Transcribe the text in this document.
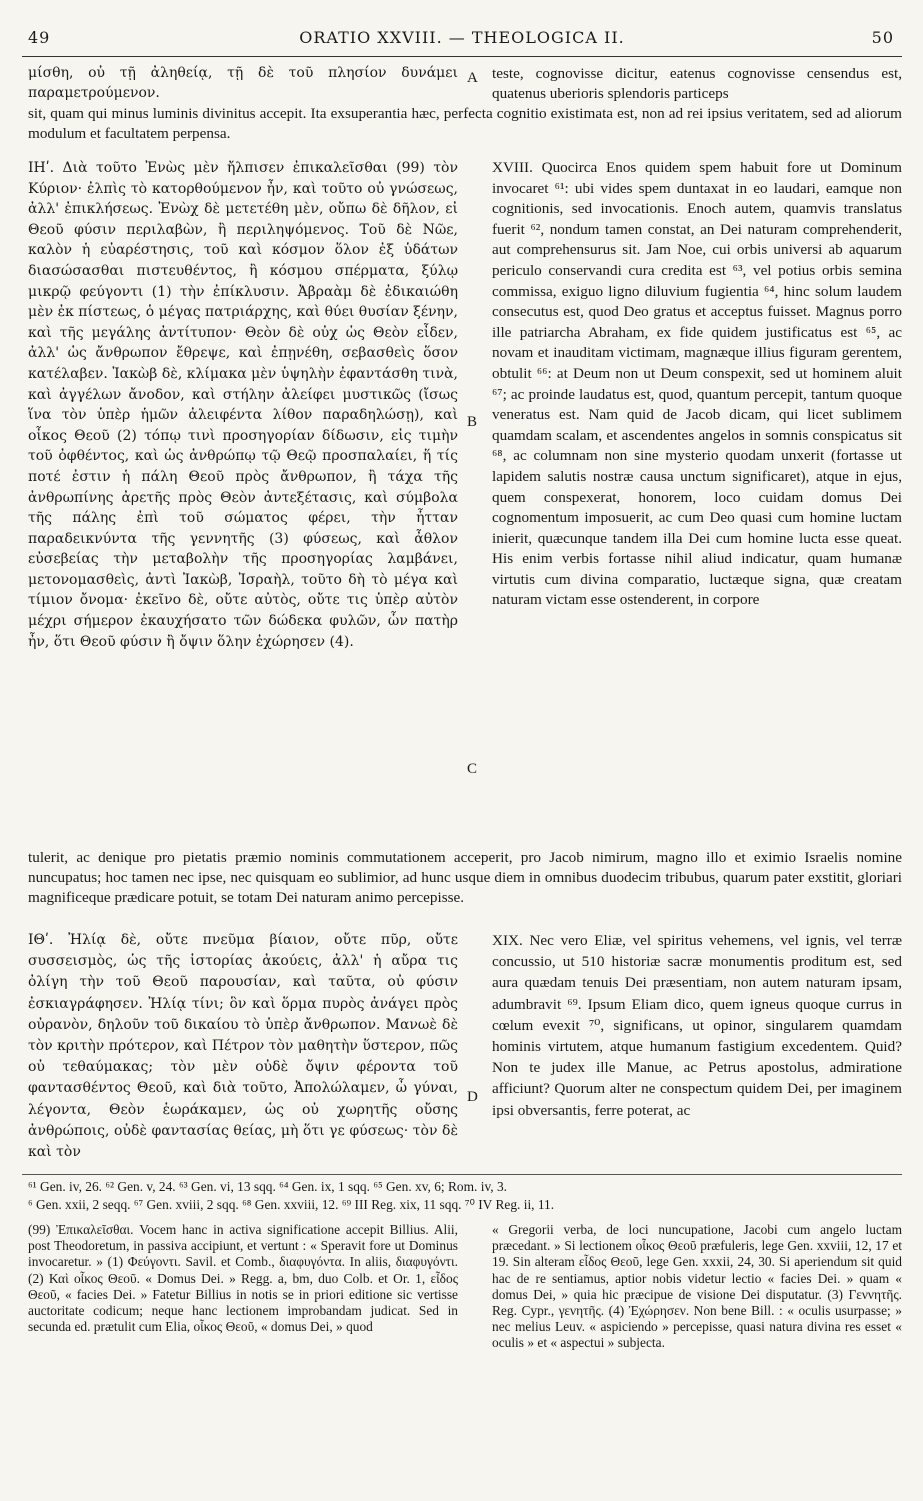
49	ORATIO XXVIII. — THEOLOGICA II.	50

μίσθη, οὐ τῇ ἀληθείᾳ, τῇ δὲ τοῦ πλησίον δυνάμει παραμετρούμενον.

teste, cognovisse dicitur, eatenus cognovisse censendus est, quatenus uberioris splendoris particeps

sit, quam qui minus luminis divinitus accepit. Ita exsuperantia hæc, perfecta cognitio existimata est, non ad rei ipsius veritatem, sed ad aliorum modulum et facultatem perpensa.

ΙΗʹ. Διὰ τοῦτο Ἐνὼς μὲν ἤλπισεν ἐπικαλεῖσθαι (99) τὸν Κύριον· ἐλπὶς τὸ κατορθούμενον ἦν, καὶ τοῦτο οὐ γνώσεως, ἀλλ' ἐπικλήσεως. Ἐνὼχ δὲ μετετέθη μὲν, οὔπω δὲ δῆλον, εἰ Θεοῦ φύσιν περιλαβὼν, ἢ περιληψόμενος. Τοῦ δὲ Νῶε, καλὸν ἡ εὐαρέστησις, τοῦ καὶ κόσμον ὅλον ἐξ ὑδάτων διασώσασθαι πιστευθέντος, ἢ κόσμου σπέρματα, ξύλῳ μικρῷ φεύγοντι (1) τὴν ἐπίκλυσιν. Ἀβραὰμ δὲ ἐδικαιώθη μὲν ἐκ πίστεως, ὁ μέγας πατριάρχης, καὶ θύει θυσίαν ξένην, καὶ τῆς μεγάλης ἀντίτυπον· Θεὸν δὲ οὐχ ὡς Θεὸν εἶδεν, ἀλλ' ὡς ἄνθρωπον ἔθρεψε, καὶ ἐπῃνέθη, σεβασθεὶς ὅσον κατέλαβεν. Ἰακὼβ δὲ, κλίμακα μὲν ὑψηλὴν ἐφαντάσθη τινὰ, καὶ ἀγγέλων ἄνοδον, καὶ στήλην ἀλείφει μυστικῶς (ἴσως ἵνα τὸν ὑπὲρ ἡμῶν ἀλειφέντα λίθον παραδηλώσῃ), καὶ οἶκος Θεοῦ (2) τόπῳ τινὶ προσηγορίαν δίδωσιν, εἰς τιμὴν τοῦ ὀφθέντος, καὶ ὡς ἀνθρώπῳ τῷ Θεῷ προσπαλαίει, ἥ τίς ποτέ ἐστιν ἡ πάλη Θεοῦ πρὸς ἄνθρωπον, ἢ τάχα τῆς ἀνθρωπίνης ἀρετῆς πρὸς Θεὸν ἀντεξέτασις, καὶ σύμβολα τῆς πάλης ἐπὶ τοῦ σώματος φέρει, τὴν ἧτταν παραδεικνύντα τῆς γεννητῆς (3) φύσεως, καὶ ἆθλον εὐσεβείας τὴν μεταβολὴν τῆς προσηγορίας λαμβάνει, μετονομασθεὶς, ἀντὶ Ἰακὼβ, Ἰσραὴλ, τοῦτο δὴ τὸ μέγα καὶ τίμιον ὄνομα· ἐκεῖνο δὲ, οὔτε αὐτὸς, οὔτε τις ὑπὲρ αὐτὸν μέχρι σήμερον ἐκαυχήσατο τῶν δώδεκα φυλῶν, ὧν πατὴρ ἦν, ὅτι Θεοῦ φύσιν ἢ ὄψιν ὅλην ἐχώρησεν (4).

XVIII. Quocirca Enos quidem spem habuit fore ut Dominum invocaret ⁶¹: ubi vides spem duntaxat in eo laudari, eamque non cognitionis, sed invocationis. Enoch autem, quamvis translatus fuerit ⁶², nondum tamen constat, an Dei naturam comprehenderit, aut comprehensurus sit. Jam Noe, cui orbis universi ab aquarum periculo conservandi cura credita est ⁶³, vel potius orbis semina commissa, exiguo ligno diluvium fugientia ⁶⁴, hinc solum laudem consecutus est, quod Deo gratus et acceptus fuisset. Magnus porro ille patriarcha Abraham, ex fide quidem justificatus est ⁶⁵, ac novam et inauditam victimam, magnæque illius figuram gerentem, obtulit ⁶⁶: at Deum non ut Deum conspexit, sed ut hominem aluit ⁶⁷; ac proinde laudatus est, quod, quantum percepit, tantum quoque veneratus est. Nam quid de Jacob dicam, qui licet sublimem quamdam scalam, et ascendentes angelos in somnis conspicatus sit ⁶⁸, ac columnam non sine mysterio quodam unxerit (fortasse ut lapidem salutis nostræ causa unctum significaret), atque in ejus, quem conspexerat, honorem, loco cuidam domus Dei cognomentum imposuerit, ac cum Deo quasi cum homine luctam inierit, quæcunque tandem illa Dei cum homine lucta esse queat. His enim verbis fortasse nihil aliud indicatur, quam humanæ virtutis cum divina comparatio, luctæque signa, quæ creatam naturam victam esse ostenderent, in corpore

tulerit, ac denique pro pietatis præmio nominis commutationem acceperit, pro Jacob nimirum, magno illo et eximio Israelis nomine nuncupatus; hoc tamen nec ipse, nec quisquam eo sublimior, ad hunc usque diem in omnibus duodecim tribubus, quarum pater exstitit, gloriari magnificeque prædicare potuit, se totam Dei naturam animo percepisse.

ΙΘʹ. Ἠλίᾳ δὲ, οὔτε πνεῦμα βίαιον, οὔτε πῦρ, οὔτε συσσεισμὸς, ὡς τῆς ἱστορίας ἀκούεις, ἀλλ' ἡ αὔρα τις ὀλίγη τὴν τοῦ Θεοῦ παρουσίαν, καὶ ταῦτα, οὐ φύσιν ἐσκιαγράφησεν. Ἠλίᾳ τίνι; ὃν καὶ ὅρμα πυρὸς ἀνάγει πρὸς οὐρανὸν, δηλοῦν τοῦ δικαίου τὸ ὑπὲρ ἄνθρωπον. Μανωὲ δὲ τὸν κριτὴν πρότερον, καὶ Πέτρον τὸν μαθητὴν ὕστερον, πῶς οὐ τεθαύμακας; τὸν μὲν οὐδὲ ὄψιν φέροντα τοῦ φαντασθέντος Θεοῦ, καὶ διὰ τοῦτο, Ἀπολώλαμεν, ὦ γύναι, λέγοντα, Θεὸν ἑωράκαμεν, ὡς οὐ χωρητῆς οὔσης ἀνθρώποις, οὐδὲ φαντασίας θείας, μὴ ὅτι γε φύσεως· τὸν δὲ καὶ τὸν

XIX. Nec vero Eliæ, vel spiritus vehemens, vel ignis, vel terræ concussio, ut 510 historiæ sacræ monumentis proditum est, sed aura quædam tenuis Dei præsentiam, non autem naturam ipsam, adumbravit ⁶⁹. Ipsum Eliam dico, quem igneus quoque currus in cœlum evexit ⁷⁰, significans, ut opinor, singularem quamdam hominis virtutem, atque humanum fastigium excedentem. Quid? Non te judex ille Manue, ac Petrus apostolus, admiratione afficiunt? Quorum alter ne conspectum quidem Dei, per imaginem ipsi obversantis, ferre poterat, ac

A
B
C
D

⁶¹ Gen. iv, 26. ⁶² Gen. v, 24. ⁶³ Gen. vi, 13 sqq. ⁶⁴ Gen. ix, 1 sqq. ⁶⁵ Gen. xv, 6; Rom. iv, 3.

⁶ Gen. xxii, 2 seqq. ⁶⁷ Gen. xviii, 2 sqq. ⁶⁸ Gen. xxviii, 12. ⁶⁹ III Reg. xix, 11 sqq. ⁷⁰ IV Reg. ii, 11.

(99) Ἐπικαλεῖσθαι. Vocem hanc in activa significatione accepit Billius. Alii, post Theodoretum, in passiva accipiunt, et vertunt : « Speravit fore ut Dominus invocaretur. » (1) Φεύγοντι. Savil. et Comb., διαφυγόντα. In aliis, διαφυγόντι. (2) Καὶ οἶκος Θεοῦ. « Domus Dei. » Regg. a, bm, duo Colb. et Or. 1, εἶδος Θεοῦ, « facies Dei. » Fatetur Billius in notis se in priori editione sic vertisse auctoritate codicum; neque hanc lectionem improbandam judicat. Sed in secunda ed. prætulit cum Elia, οἶκος Θεοῦ, « domus Dei, » quod

« Gregorii verba, de loci nuncupatione, Jacobi cum angelo luctam præcedant. » Si lectionem οἶκος Θεοῦ præfuleris, lege Gen. xxviii, 12, 17 et 19. Sin alteram εἶδος Θεοῦ, lege Gen. xxxii, 24, 30. Si aperiendum sit quid hac de re sentiamus, aptior nobis videtur lectio « facies Dei. » quam « domus Dei, » quia hic præcipue de visione Dei disputatur. (3) Γεννητῆς. Reg. Cypr., γενητῆς. (4) Ἐχώρησεν. Non bene Bill. : « oculis usurpasse; » nec melius Leuv. « aspiciendo » percepisse, quasi natura divina res esset « oculis » et « aspectui » subjecta.
